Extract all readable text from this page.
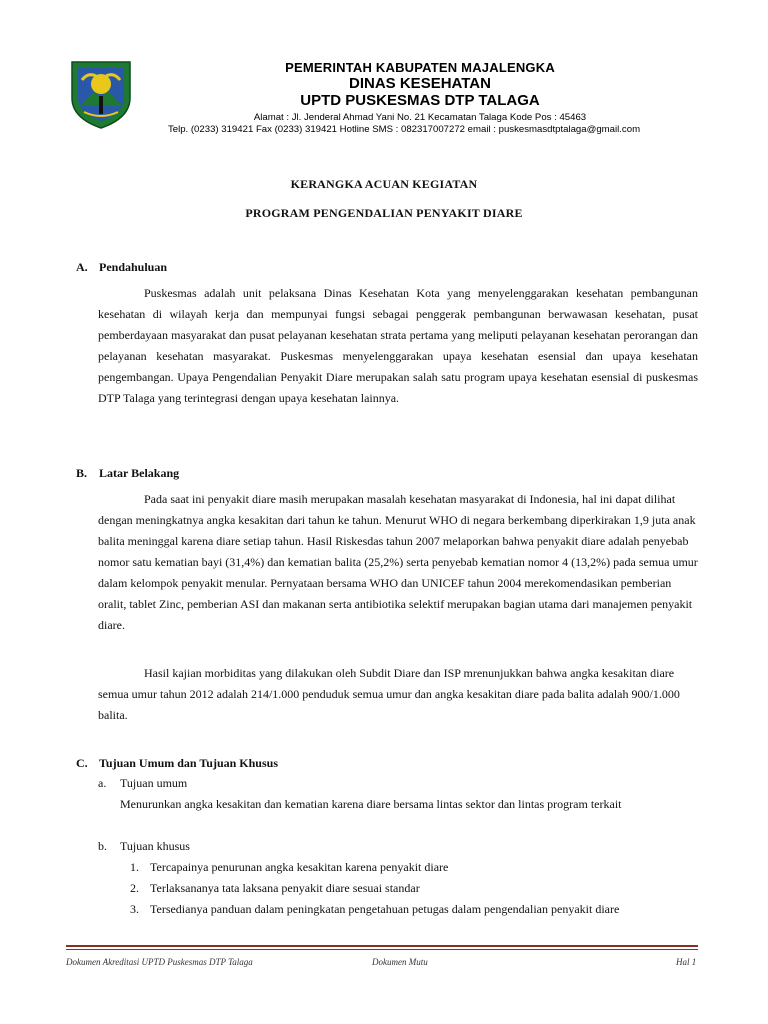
PEMERINTAH KABUPATEN MAJALENGKA
DINAS KESEHATAN
UPTD PUSKESMAS DTP TALAGA
Alamat : Jl. Jenderal Ahmad Yani No. 21 Kecamatan Talaga Kode Pos : 45463
Telp. (0233) 319421 Fax (0233) 319421 Hotline SMS : 082317007272 email : puskesmasdtptalaga@gmail.com
KERANGKA ACUAN KEGIATAN
PROGRAM PENGENDALIAN PENYAKIT DIARE
A. Pendahuluan
Puskesmas adalah unit pelaksana Dinas Kesehatan Kota yang menyelenggarakan kesehatan pembangunan kesehatan di wilayah kerja dan mempunyai fungsi sebagai penggerak pembangunan berwawasan kesehatan, pusat pemberdayaan masyarakat dan pusat pelayanan kesehatan strata pertama yang meliputi pelayanan kesehatan perorangan dan pelayanan kesehatan masyarakat. Puskesmas menyelenggarakan upaya kesehatan esensial dan upaya kesehatan pengembangan. Upaya Pengendalian Penyakit Diare merupakan salah satu program upaya kesehatan esensial di puskesmas DTP Talaga yang terintegrasi dengan upaya kesehatan lainnya.
B. Latar Belakang
Pada saat ini penyakit diare masih merupakan masalah kesehatan masyarakat di Indonesia, hal ini dapat dilihat dengan meningkatnya angka kesakitan dari tahun ke tahun. Menurut WHO di negara berkembang diperkirakan 1,9 juta anak balita meninggal karena diare setiap tahun. Hasil Riskesdas tahun 2007 melaporkan bahwa penyakit diare adalah penyebab nomor satu kematian bayi (31,4%) dan kematian balita (25,2%) serta penyebab kematian nomor 4 (13,2%) pada semua umur dalam kelompok penyakit menular. Pernyataan bersama WHO dan UNICEF tahun 2004 merekomendasikan pemberian oralit, tablet Zinc, pemberian ASI dan makanan serta antibiotika selektif merupakan bagian utama dari manajemen penyakit diare.
Hasil kajian morbiditas yang dilakukan oleh Subdit Diare dan ISP mrenunjukkan bahwa angka kesakitan diare semua umur tahun 2012 adalah 214/1.000 penduduk semua umur dan angka kesakitan diare pada balita adalah 900/1.000 balita.
C. Tujuan Umum dan Tujuan Khusus
a. Tujuan umum
Menurunkan angka kesakitan dan kematian karena diare bersama lintas sektor dan lintas program terkait
b. Tujuan khusus
1. Tercapainya penurunan angka kesakitan karena penyakit diare
2. Terlaksananya tata laksana penyakit diare sesuai standar
3. Tersedianya panduan dalam peningkatan pengetahuan petugas dalam pengendalian penyakit diare
Dokumen Akreditasi UPTD Puskesmas DTP Talaga	Dokumen Mutu	Hal 1
